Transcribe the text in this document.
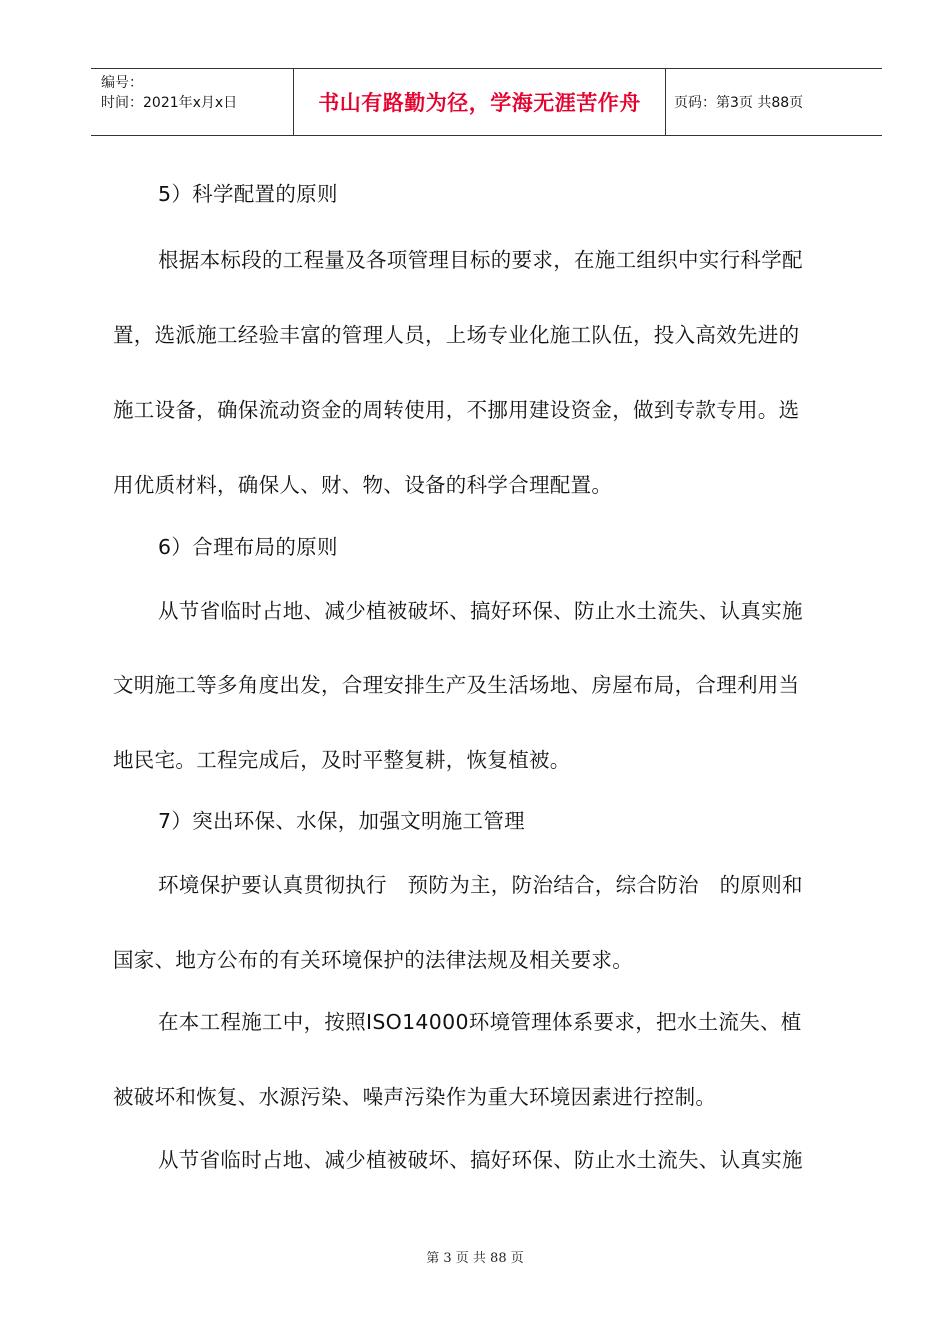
编号：
时间：2021年x月x日	书山有路勤为径，学海无涯苦作舟 页码：第3页 共88页
5）科学配置的原则
根据本标段的工程量及各项管理目标的要求，在施工组织中实行科学配
置，选派施工经验丰富的管理人员，上场专业化施工队伍，投入高效先进的
施工设备，确保流动资金的周转使用，不挪用建设资金，做到专款专用。选
用优质材料，确保人、财、物、设备的科学合理配置。
6）合理布局的原则
从节省临时占地、减少植被破坏、搞好环保、防止水土流失、认真实施
文明施工等多角度出发，合理安排生产及生活场地、房屋布局，合理利用当
地民宅。工程完成后，及时平整复耕，恢复植被。
7）突出环保、水保，加强文明施工管理
环境保护要认真贯彻执行　预防为主，防治结合，综合防治　的原则和
国家、地方公布的有关环境保护的法律法规及相关要求。
在本工程施工中，按照ISO14000环境管理体系要求，把水土流失、植
被破坏和恢复、水源污染、噪声污染作为重大环境因素进行控制。
从节省临时占地、减少植被破坏、搞好环保、防止水土流失、认真实施
第 3 页 共 88 页
